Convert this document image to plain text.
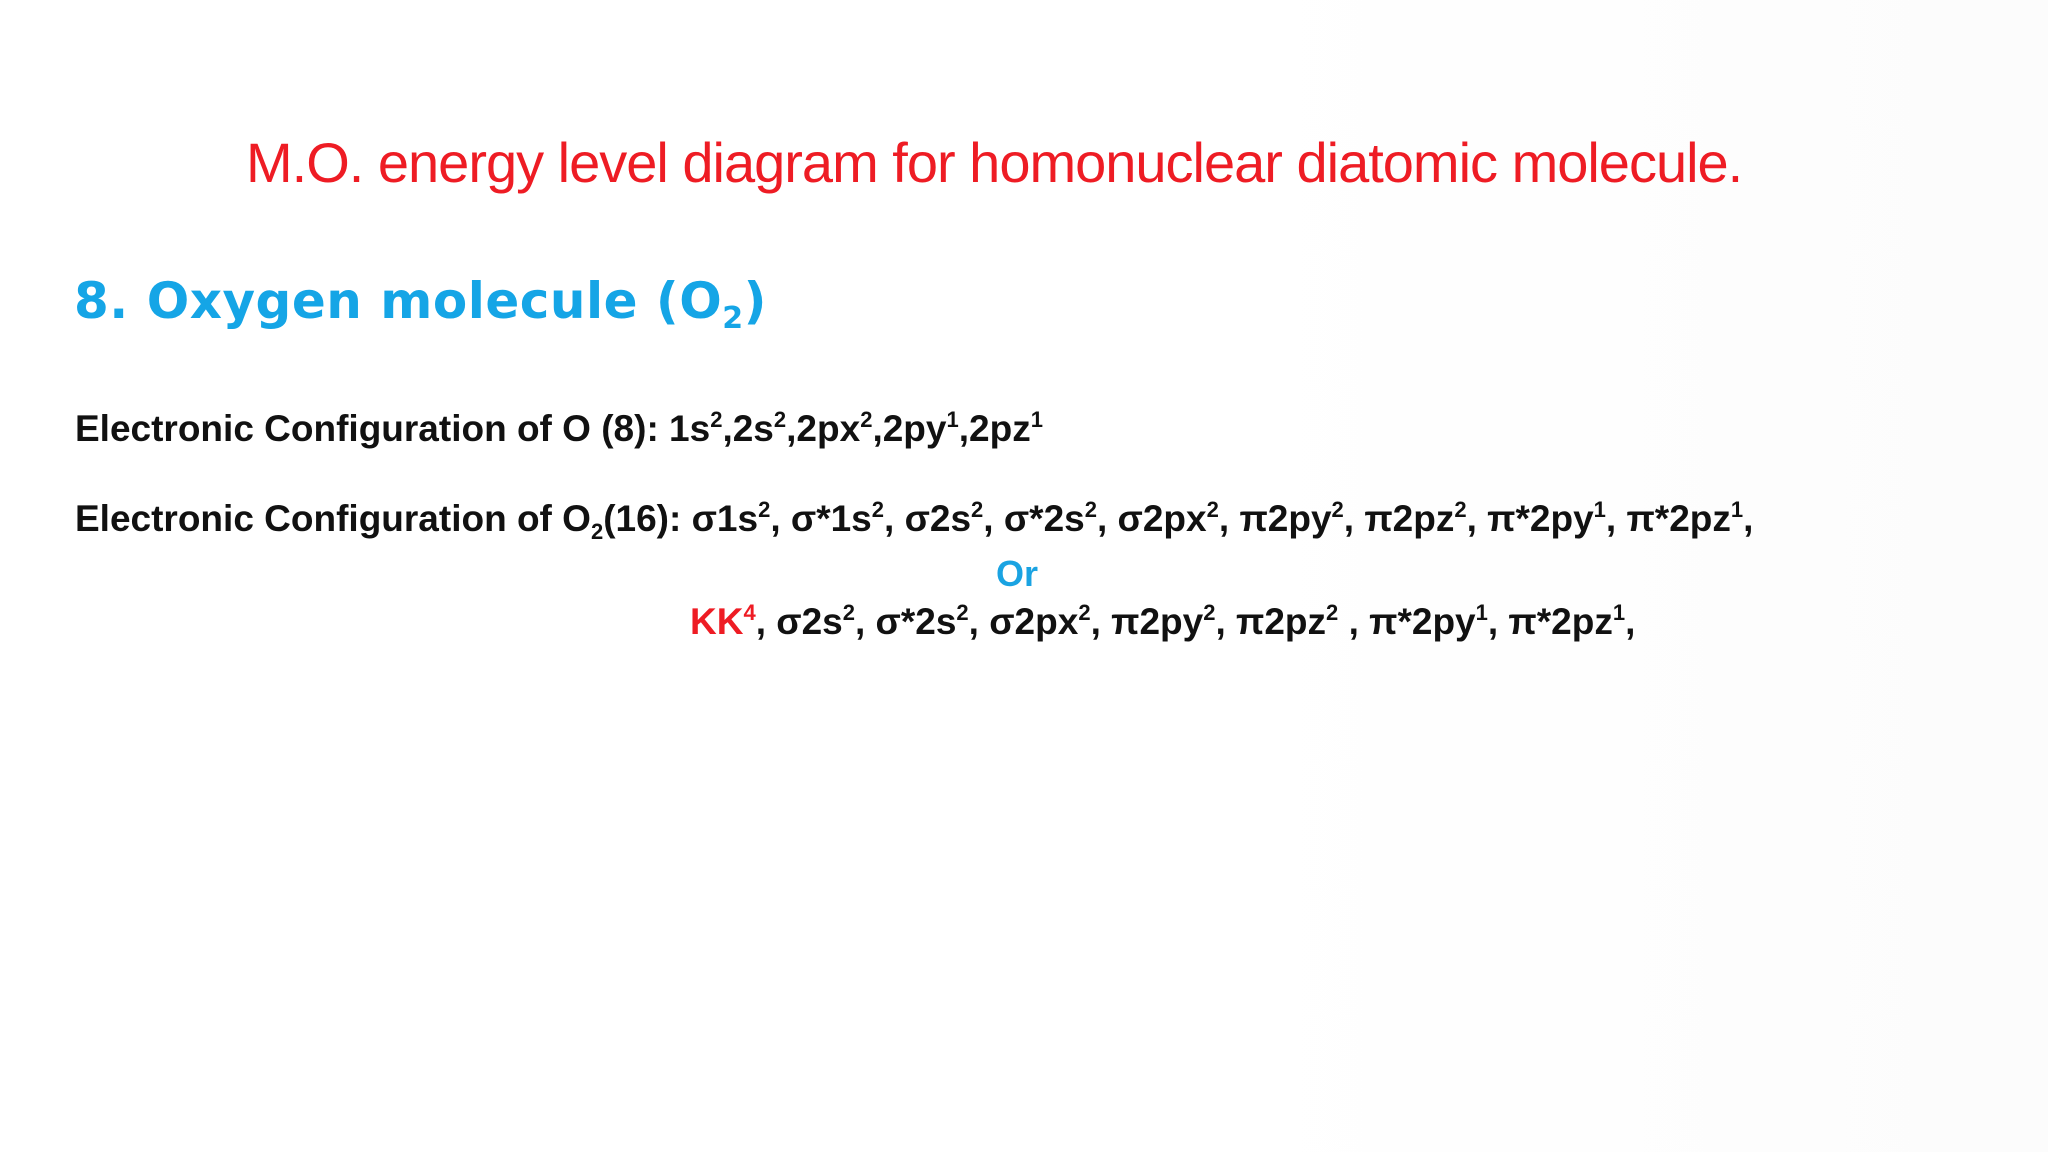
M.O. energy level diagram for homonuclear diatomic molecule.
8. Oxygen molecule $(O_2)$
Electronic Configuration of O (8): $1s^2,2s^2,2px^2,2py^1,2pz^1$
Electronic Configuration of $O_2(16)$: $\sigma 1s^2$, $\sigma*1s^2$, $\sigma 2s^2$, $\sigma*2s^2$, $\sigma 2px^2$, $\pi 2py^2$, $\pi 2pz^2$, $\pi*2py^1$, $\pi*2pz^1$,
Or
$KK^4$, $\sigma 2s^2$, $\sigma*2s^2$, $\sigma 2px^2$, $\pi 2py^2$, $\pi 2pz^2$ , $\pi*2py^1$, $\pi*2pz^1$,
